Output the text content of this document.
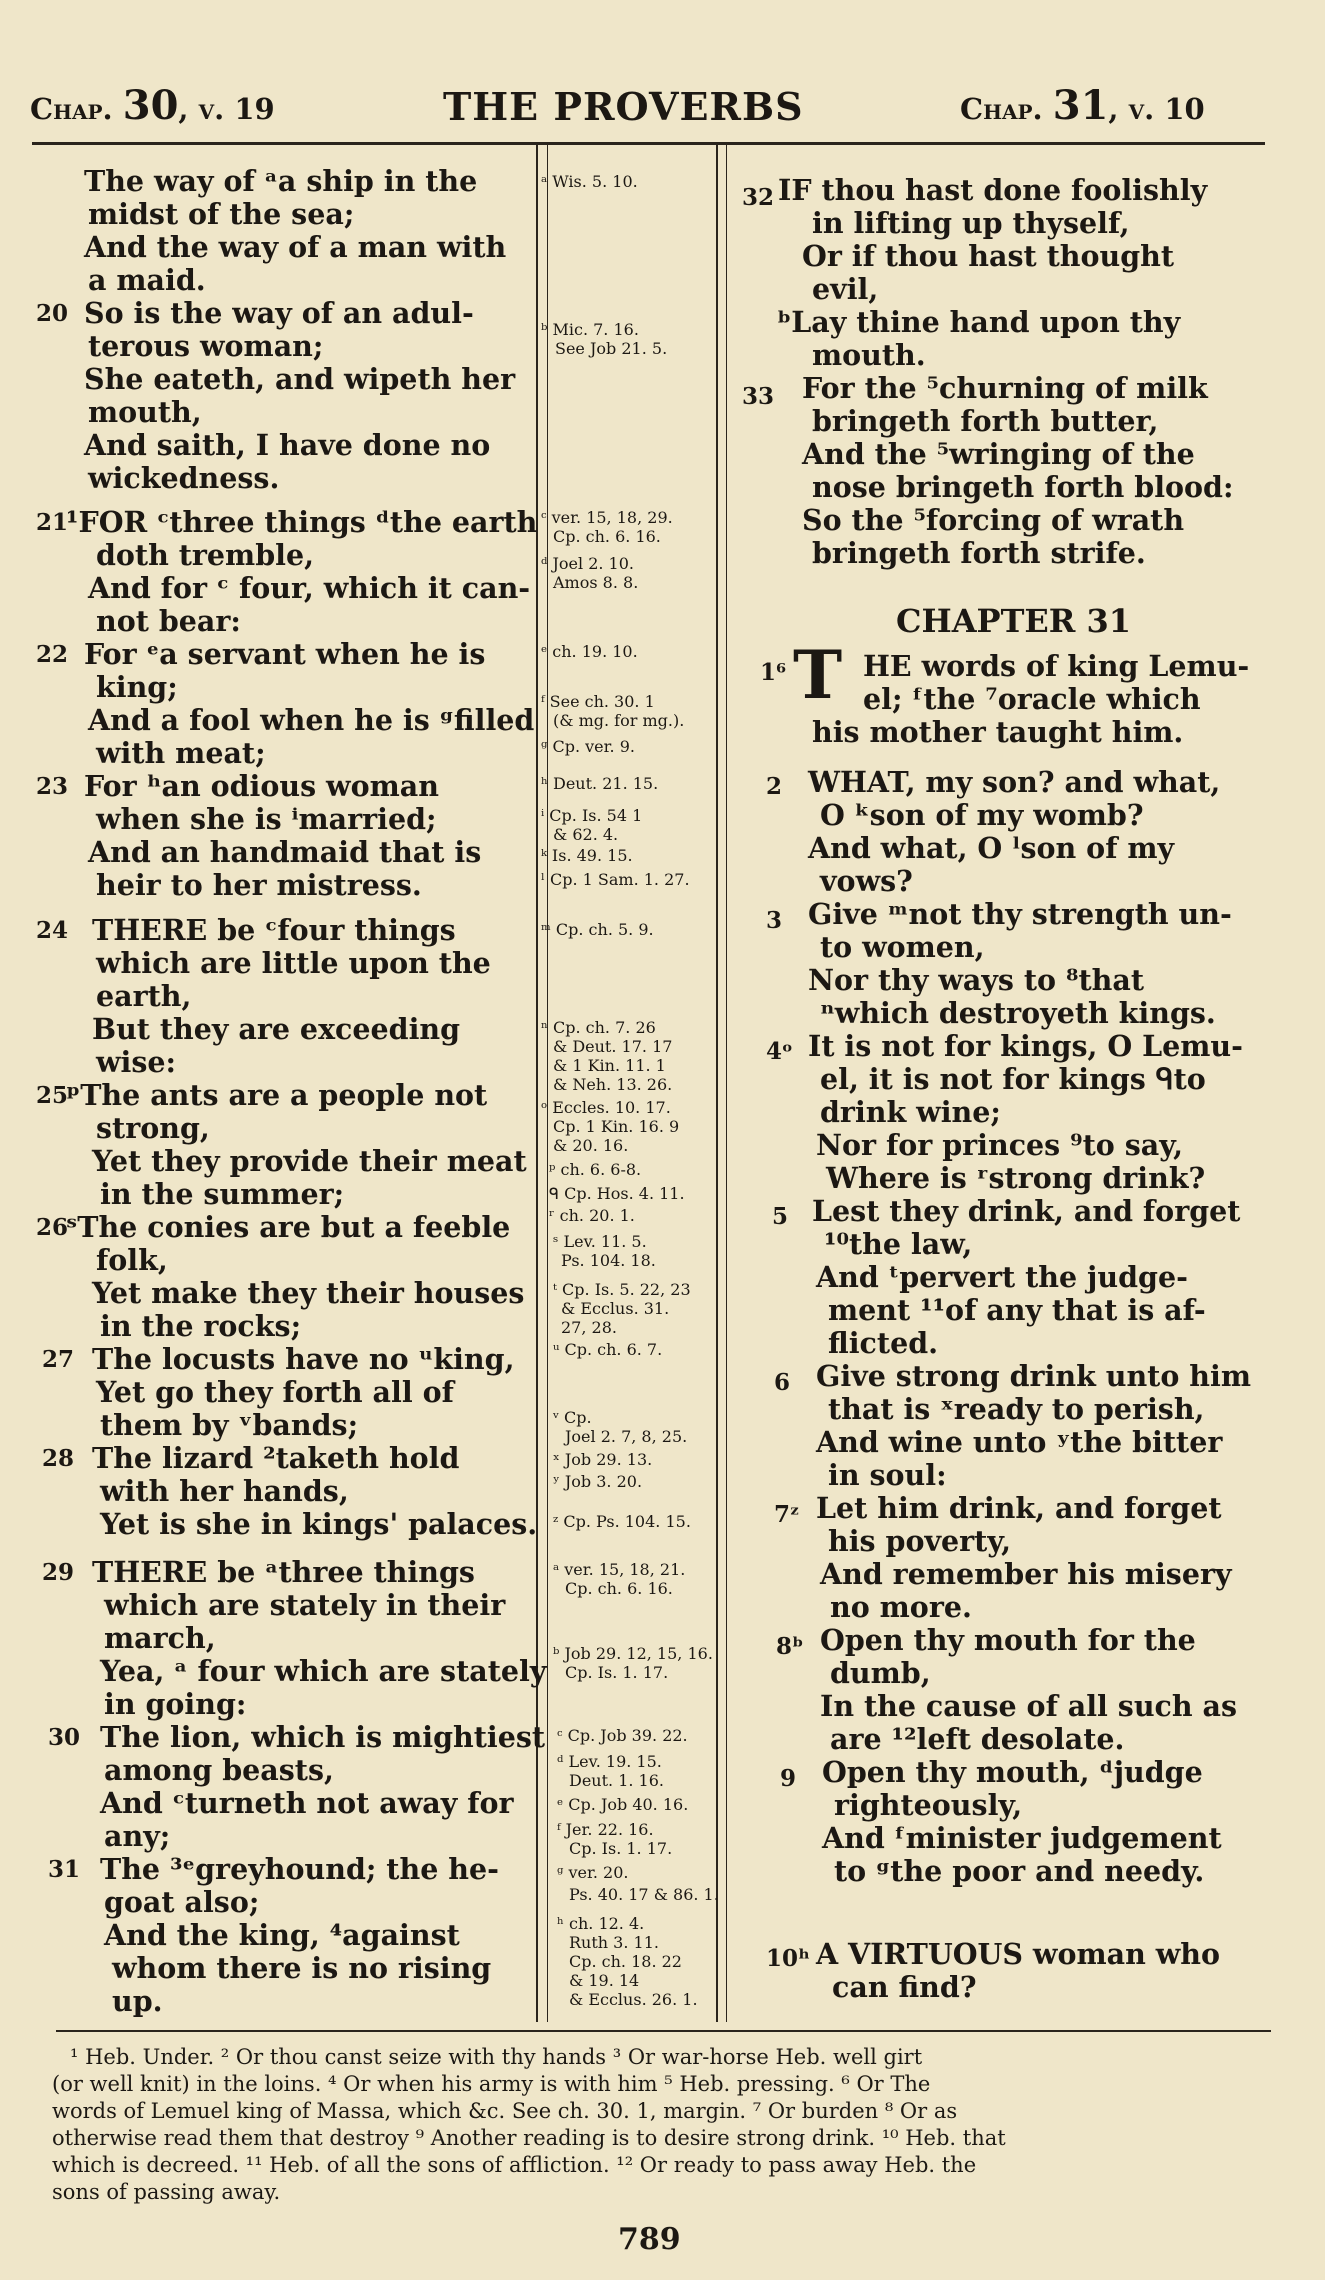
Chap. 30, v. 19	THE PROVERBS	Chap. 31, v. 10
The way of ᵃa ship in the
midst of the sea;
And the way of a man with
a maid.
20 So is the way of an adul-
terous woman;
She eateth, and wipeth her
mouth,
And saith, I have done no
wickedness.
21
¹FOR ᶜthree things ᵈthe earth
doth tremble,
And for ᶜ four, which it can-
not bear:
22 For ᵉa servant when he is
king;
And a fool when he is ᵍfilled
with meat;
23 For ʰan odious woman
when she is ⁱmarried;
And an handmaid that is
heir to her mistress.
24 THERE be ᶜfour things
which are little upon the
earth,
But they are exceeding
wise:
25
ᵖThe ants are a people not
strong,
Yet they provide their meat
in the summer;
26
ˢThe conies are but a feeble
folk,
Yet make they their houses
in the rocks;
27 The locusts have no ᵘking,
Yet go they forth all of
them by ᵛbands;
28 The lizard ²taketh hold
with her hands,
Yet is she in kings' palaces.
29 THERE be ᵃthree things
which are stately in their
march,
Yea, ᵃ four which are stately
in going:
30 The lion, which is mightiest
among beasts,
And ᶜturneth not away for
any;
31 The ³ᵉgreyhound; the he-
goat also;
And the king, ⁴against
whom there is no rising
up.
ᵃ Wis. 5. 10.
ᵇ Mic. 7. 16.
See Job 21. 5.
ᶜ ver. 15, 18, 29.
Cp. ch. 6. 16.
ᵈ Joel 2. 10.
Amos 8. 8.
ᵉ ch. 19. 10.
ᶠ See ch. 30. 1
(& mg. for mg.).
ᵍ Cp. ver. 9.
ʰ Deut. 21. 15.
ⁱ Cp. Is. 54 1
& 62. 4.
ᵏ Is. 49. 15.
ˡ Cp. 1 Sam. 1. 27.
ᵐ Cp. ch. 5. 9.
ⁿ Cp. ch. 7. 26
& Deut. 17. 17
& 1 Kin. 11. 1
& Neh. 13. 26.
ᵒ Eccles. 10. 17.
Cp. 1 Kin. 16. 9
& 20. 16.
ᵖ ch. 6. 6-8.
ᑫ Cp. Hos. 4. 11.
ʳ ch. 20. 1.
ˢ Lev. 11. 5.
Ps. 104. 18.
ᵗ Cp. Is. 5. 22, 23
& Ecclus. 31.
27, 28.
ᵘ Cp. ch. 6. 7.
ᵛ Cp.
Joel 2. 7, 8, 25.
ˣ Job 29. 13.
ʸ Job 3. 20.
ᶻ Cp. Ps. 104. 15.
ᵃ ver. 15, 18, 21.
Cp. ch. 6. 16.
ᵇ Job 29. 12, 15, 16.
Cp. Is. 1. 17.
ᶜ Cp. Job 39. 22.
ᵈ Lev. 19. 15.
Deut. 1. 16.
ᵉ Cp. Job 40. 16.
ᶠ Jer. 22. 16.
Cp. Is. 1. 17.
ᵍ ver. 20.
Ps. 40. 17 & 86. 1.
ʰ ch. 12. 4.
Ruth 3. 11.
Cp. ch. 18. 22
& 19. 14
& Ecclus. 26. 1.
32 IF thou hast done foolishly
in lifting up thyself,
Or if thou hast thought
evil,
ᵇLay thine hand upon thy
mouth.
33 For the ⁵churning of milk
bringeth forth butter,
And the ⁵wringing of the
nose bringeth forth blood:
So the ⁵forcing of wrath
bringeth forth strife.
CHAPTER 31
1⁶ T HE words of king Lemu-
el; ᶠthe ⁷oracle which
his mother taught him.
2 WHAT, my son? and what,
O ᵏson of my womb?
And what, O ˡson of my
vows?
3 Give ᵐnot thy strength un-
to women,
Nor thy ways to ⁸that
ⁿwhich destroyeth kings.
4ᵒ It is not for kings, O Lemu-
el, it is not for kings ᑫto
drink wine;
Nor for princes ⁹to say,
Where is ʳstrong drink?
5 Lest they drink, and forget
¹⁰the law,
And ᵗpervert the judge-
ment ¹¹of any that is af-
flicted.
6 Give strong drink unto him
that is ˣready to perish,
And wine unto ʸthe bitter
in soul:
7ᶻ Let him drink, and forget
his poverty,
And remember his misery
no more.
8ᵇ Open thy mouth for the
dumb,
In the cause of all such as
are ¹²left desolate.
9 Open thy mouth, ᵈjudge
righteously,
And ᶠminister judgement
to ᵍthe poor and needy.
10ʰ A VIRTUOUS woman who
can find?
¹ Heb. Under. ² Or thou canst seize with thy hands ³ Or war-horse Heb. well girt
(or well knit) in the loins. ⁴ Or when his army is with him ⁵ Heb. pressing. ⁶ Or The
words of Lemuel king of Massa, which &c. See ch. 30. 1, margin. ⁷ Or burden ⁸ Or as
otherwise read them that destroy ⁹ Another reading is to desire strong drink. ¹⁰ Heb. that
which is decreed. ¹¹ Heb. of all the sons of affliction. ¹² Or ready to pass away Heb. the
sons of passing away.
789
